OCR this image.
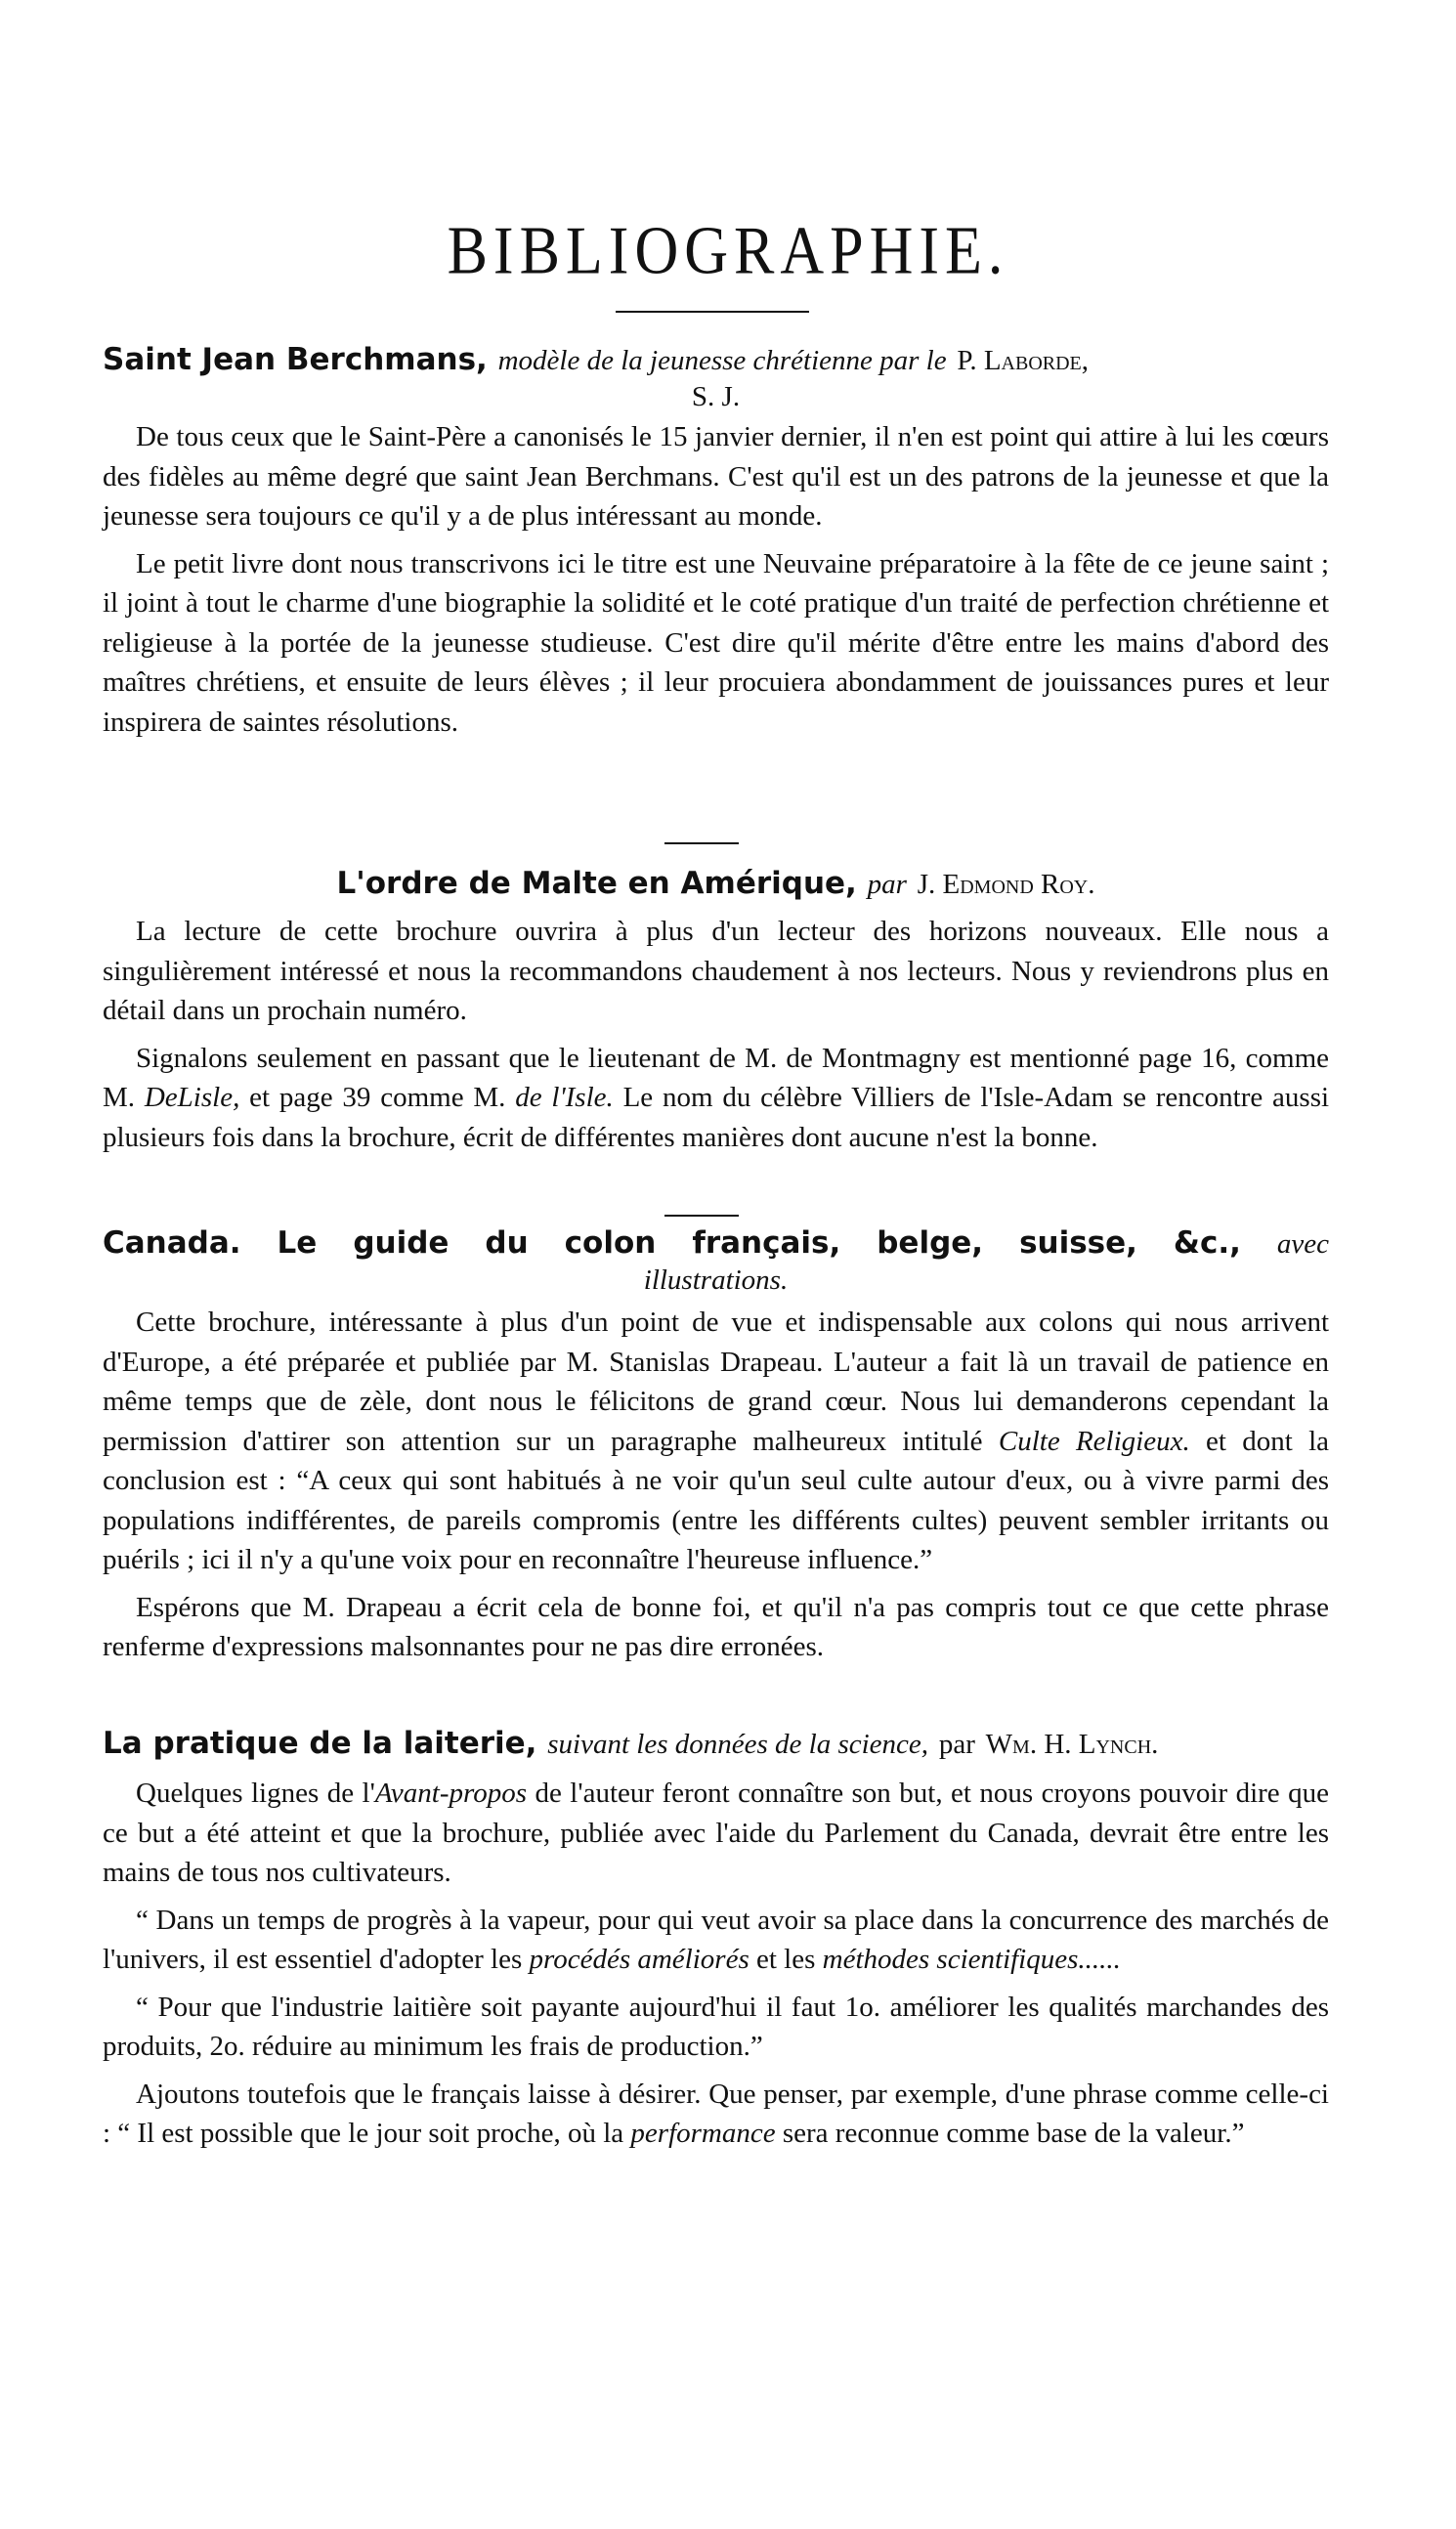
BIBLIOGRAPHIE.
Saint Jean Berchmans, modèle de la jeunesse chrétienne par le P. Laborde,
S. J.

De tous ceux que le Saint-Père a canonisés le 15 janvier dernier, il n'en est point qui attire à lui les cœurs des fidèles au même degré que saint Jean Berchmans. C'est qu'il est un des patrons de la jeunesse et que la jeunesse sera toujours ce qu'il y a de plus intéressant au monde.

Le petit livre dont nous transcrivons ici le titre est une Neuvaine préparatoire à la fête de ce jeune saint ; il joint à tout le charme d'une biographie la solidité et le coté pratique d'un traité de perfection chrétienne et religieuse à la portée de la jeunesse studieuse. C'est dire qu'il mérite d'être entre les mains d'abord des maîtres chrétiens, et ensuite de leurs élèves ; il leur procuiera abondamment de jouissances pures et leur inspirera de saintes résolutions.

L'ordre de Malte en Amérique, par J. Edmond Roy.

La lecture de cette brochure ouvrira à plus d'un lecteur des horizons nouveaux. Elle nous a singulièrement intéressé et nous la recommandons chaudement à nos lecteurs. Nous y reviendrons plus en détail dans un prochain numéro.

Signalons seulement en passant que le lieutenant de M. de Montmagny est mentionné page 16, comme M. DeLisle, et page 39 comme M. de l'Isle. Le nom du célèbre Villiers de l'Isle-Adam se rencontre aussi plusieurs fois dans la brochure, écrit de différentes manières dont aucune n'est la bonne.

Canada. Le guide du colon français, belge, suisse, &c., avec
illustrations.

Cette brochure, intéressante à plus d'un point de vue et indispensable aux colons qui nous arrivent d'Europe, a été préparée et publiée par M. Stanislas Drapeau. L'auteur a fait là un travail de patience en même temps que de zèle, dont nous le félicitons de grand cœur. Nous lui demanderons cependant la permission d'attirer son attention sur un paragraphe malheureux intitulé Culte Religieux. et dont la conclusion est : “A ceux qui sont habitués à ne voir qu'un seul culte autour d'eux, ou à vivre parmi des populations indifférentes, de pareils compromis (entre les différents cultes) peuvent sembler irritants ou puérils ; ici il n'y a qu'une voix pour en reconnaître l'heureuse influence.”

Espérons que M. Drapeau a écrit cela de bonne foi, et qu'il n'a pas compris tout ce que cette phrase renferme d'expressions malsonnantes pour ne pas dire erronées.

La pratique de la laiterie, suivant les données de la science, par Wm. H. Lynch.

Quelques lignes de l'Avant-propos de l'auteur feront connaître son but, et nous croyons pouvoir dire que ce but a été atteint et que la brochure, publiée avec l'aide du Parlement du Canada, devrait être entre les mains de tous nos cultivateurs.

“ Dans un temps de progrès à la vapeur, pour qui veut avoir sa place dans la concurrence des marchés de l'univers, il est essentiel d'adopter les procédés améliorés et les méthodes scientifiques......

“ Pour que l'industrie laitière soit payante aujourd'hui il faut 1o. améliorer les qualités marchandes des produits, 2o. réduire au minimum les frais de production.”

Ajoutons toutefois que le français laisse à désirer. Que penser, par exemple, d'une phrase comme celle-ci : “ Il est possible que le jour soit proche, où la performance sera reconnue comme base de la valeur.”
